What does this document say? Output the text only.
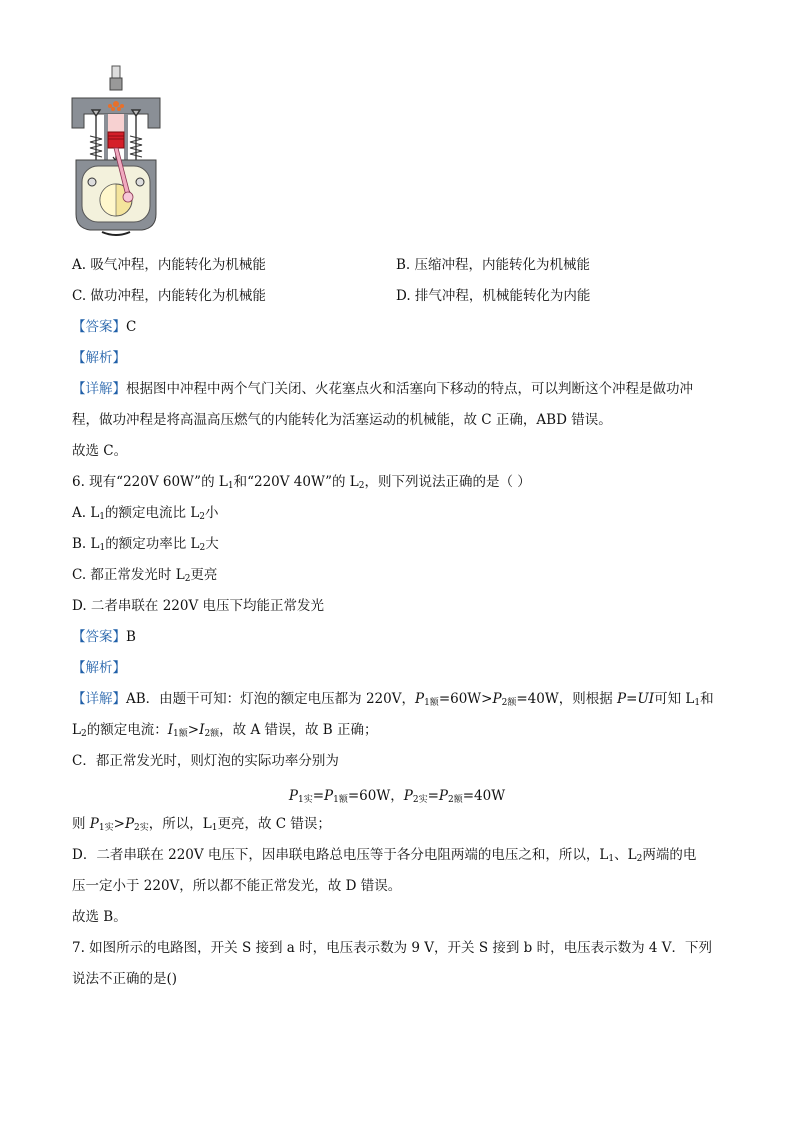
A. 吸气冲程，内能转化为机械能	B. 压缩冲程，内能转化为机械能
C. 做功冲程，内能转化为机械能	D. 排气冲程，机械能转化为内能
【答案】C
【解析】
【详解】根据图中冲程中两个气门关闭、火花塞点火和活塞向下移动的特点，可以判断这个冲程是做功冲
程，做功冲程是将高温高压燃气的内能转化为活塞运动的机械能，故 C 正确，ABD 错误。
故选 C。
6. 现有“220V 60W”的 $L_1$和“220V 40W”的 $L_2$，则下列说法正确的是（ ）
A. $L_1$的额定电流比 $L_2$小
B. $L_1$的额定功率比 $L_2$大
C. 都正常发光时 $L_2$更亮
D. 二者串联在 220V 电压下均能正常发光
【答案】B
【解析】
【详解】AB．由题干可知：灯泡的额定电压都为 220V，$P_{1额}=60W>P_{2额}=40W$，则根据 P=UI可知 $L_1$和
$L_2$的额定电流：$I_{1额}>I_{2额}$，故 A 错误，故 B 正确；
C．都正常发光时，则灯泡的实际功率分别为
$P_{1实}=P_{1额}=60W$，$P_{2实}=P_{2额}=40W$
则 $P_{1实}>P_{2实}$，所以，$L_1$更亮，故 C 错误；
D．二者串联在 220V 电压下，因串联电路总电压等于各分电阻两端的电压之和，所以，$L_1$、$L_2$两端的电
压一定小于 220V，所以都不能正常发光，故 D 错误。
故选 B。
7. 如图所示的电路图，开关 S 接到 a 时，电压表示数为 9 V，开关 S 接到 b 时，电压表示数为 4 V．下列
说法不正确的是()
